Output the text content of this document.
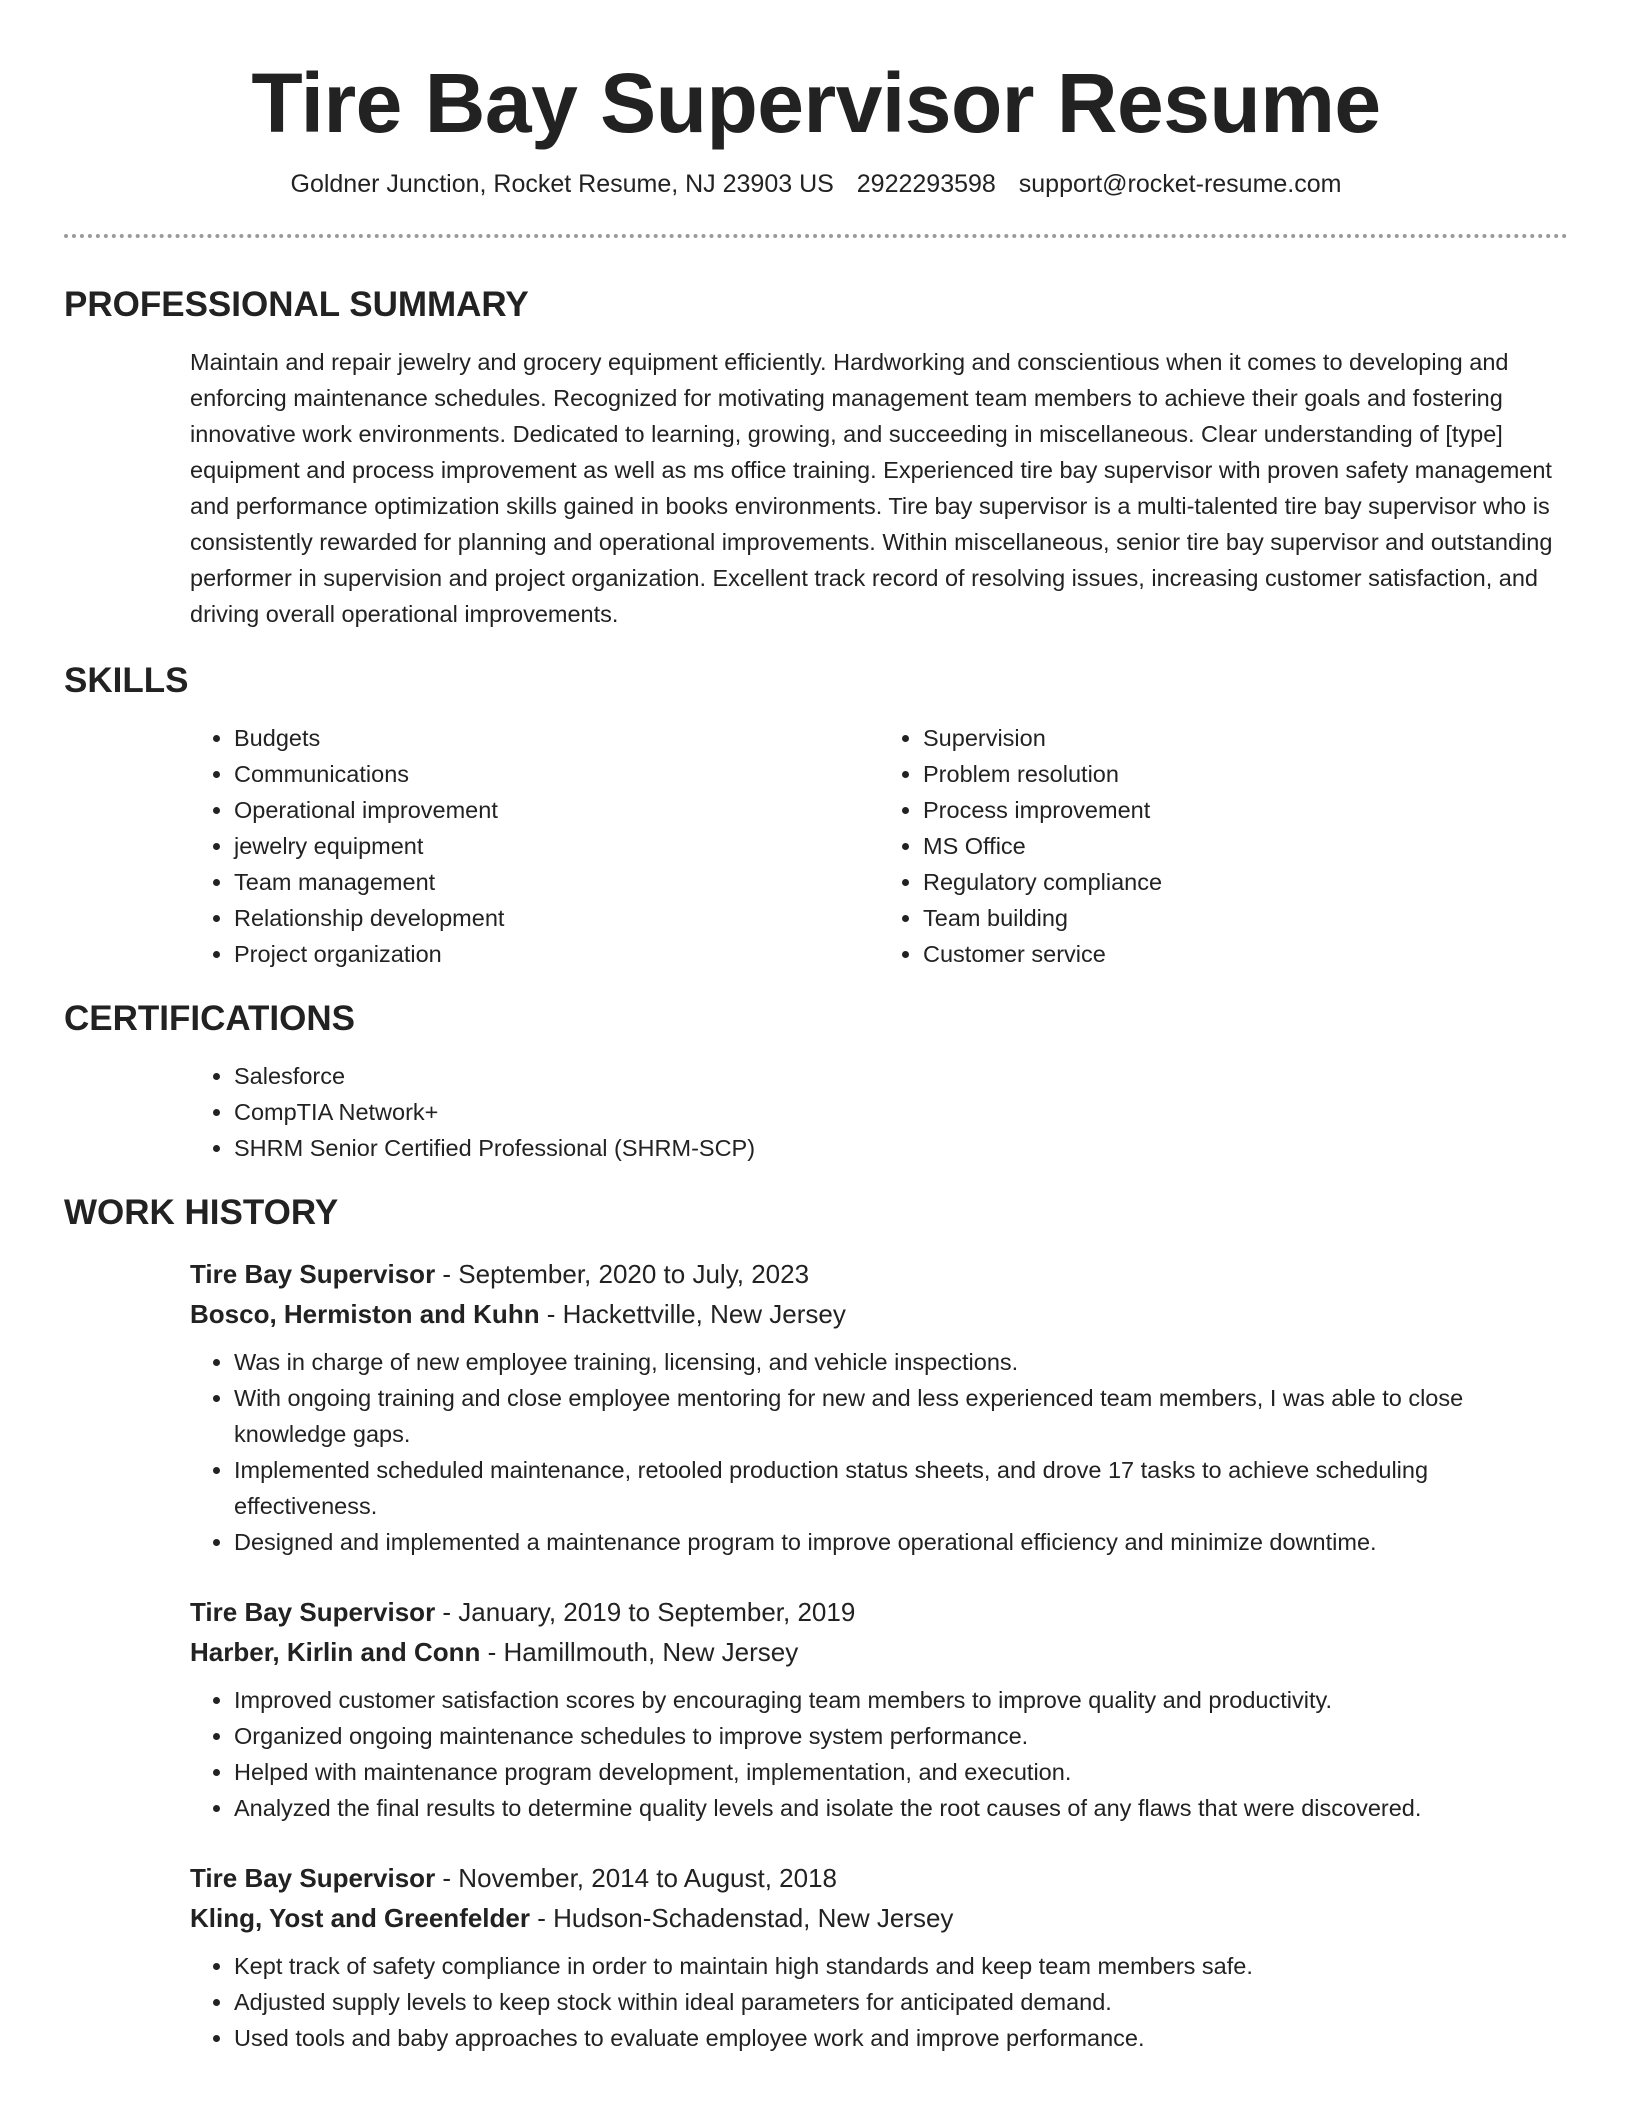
Tire Bay Supervisor Resume
Goldner Junction, Rocket Resume, NJ 23903 US 2922293598 support@rocket-resume.com
PROFESSIONAL SUMMARY

Maintain and repair jewelry and grocery equipment efficiently. Hardworking and conscientious when it comes to developing and enforcing maintenance schedules. Recognized for motivating management team members to achieve their goals and fostering innovative work environments. Dedicated to learning, growing, and succeeding in miscellaneous. Clear understanding of [type] equipment and process improvement as well as ms office training. Experienced tire bay supervisor with proven safety management and performance optimization skills gained in books environments. Tire bay supervisor is a multi-talented tire bay supervisor who is consistently rewarded for planning and operational improvements. Within miscellaneous, senior tire bay supervisor and outstanding performer in supervision and project organization. Excellent track record of resolving issues, increasing customer satisfaction, and driving overall operational improvements.

SKILLS
• Budgets
• Communications
• Operational improvement
• jewelry equipment
• Team management
• Relationship development
• Project organization
• Supervision
• Problem resolution
• Process improvement
• MS Office
• Regulatory compliance
• Team building
• Customer service
CERTIFICATIONS
• Salesforce
• CompTIA Network+
• SHRM Senior Certified Professional (SHRM-SCP)
WORK HISTORY
Tire Bay Supervisor - September, 2020 to July, 2023
Bosco, Hermiston and Kuhn - Hackettville, New Jersey
• Was in charge of new employee training, licensing, and vehicle inspections.
• With ongoing training and close employee mentoring for new and less experienced team members, I was able to close knowledge gaps.
• Implemented scheduled maintenance, retooled production status sheets, and drove 17 tasks to achieve scheduling effectiveness.
• Designed and implemented a maintenance program to improve operational efficiency and minimize downtime.
Tire Bay Supervisor - January, 2019 to September, 2019
Harber, Kirlin and Conn - Hamillmouth, New Jersey
• Improved customer satisfaction scores by encouraging team members to improve quality and productivity.
• Organized ongoing maintenance schedules to improve system performance.
• Helped with maintenance program development, implementation, and execution.
• Analyzed the final results to determine quality levels and isolate the root causes of any flaws that were discovered.
Tire Bay Supervisor - November, 2014 to August, 2018
Kling, Yost and Greenfelder - Hudson-Schadenstad, New Jersey
• Kept track of safety compliance in order to maintain high standards and keep team members safe.
• Adjusted supply levels to keep stock within ideal parameters for anticipated demand.
• Used tools and baby approaches to evaluate employee work and improve performance.
